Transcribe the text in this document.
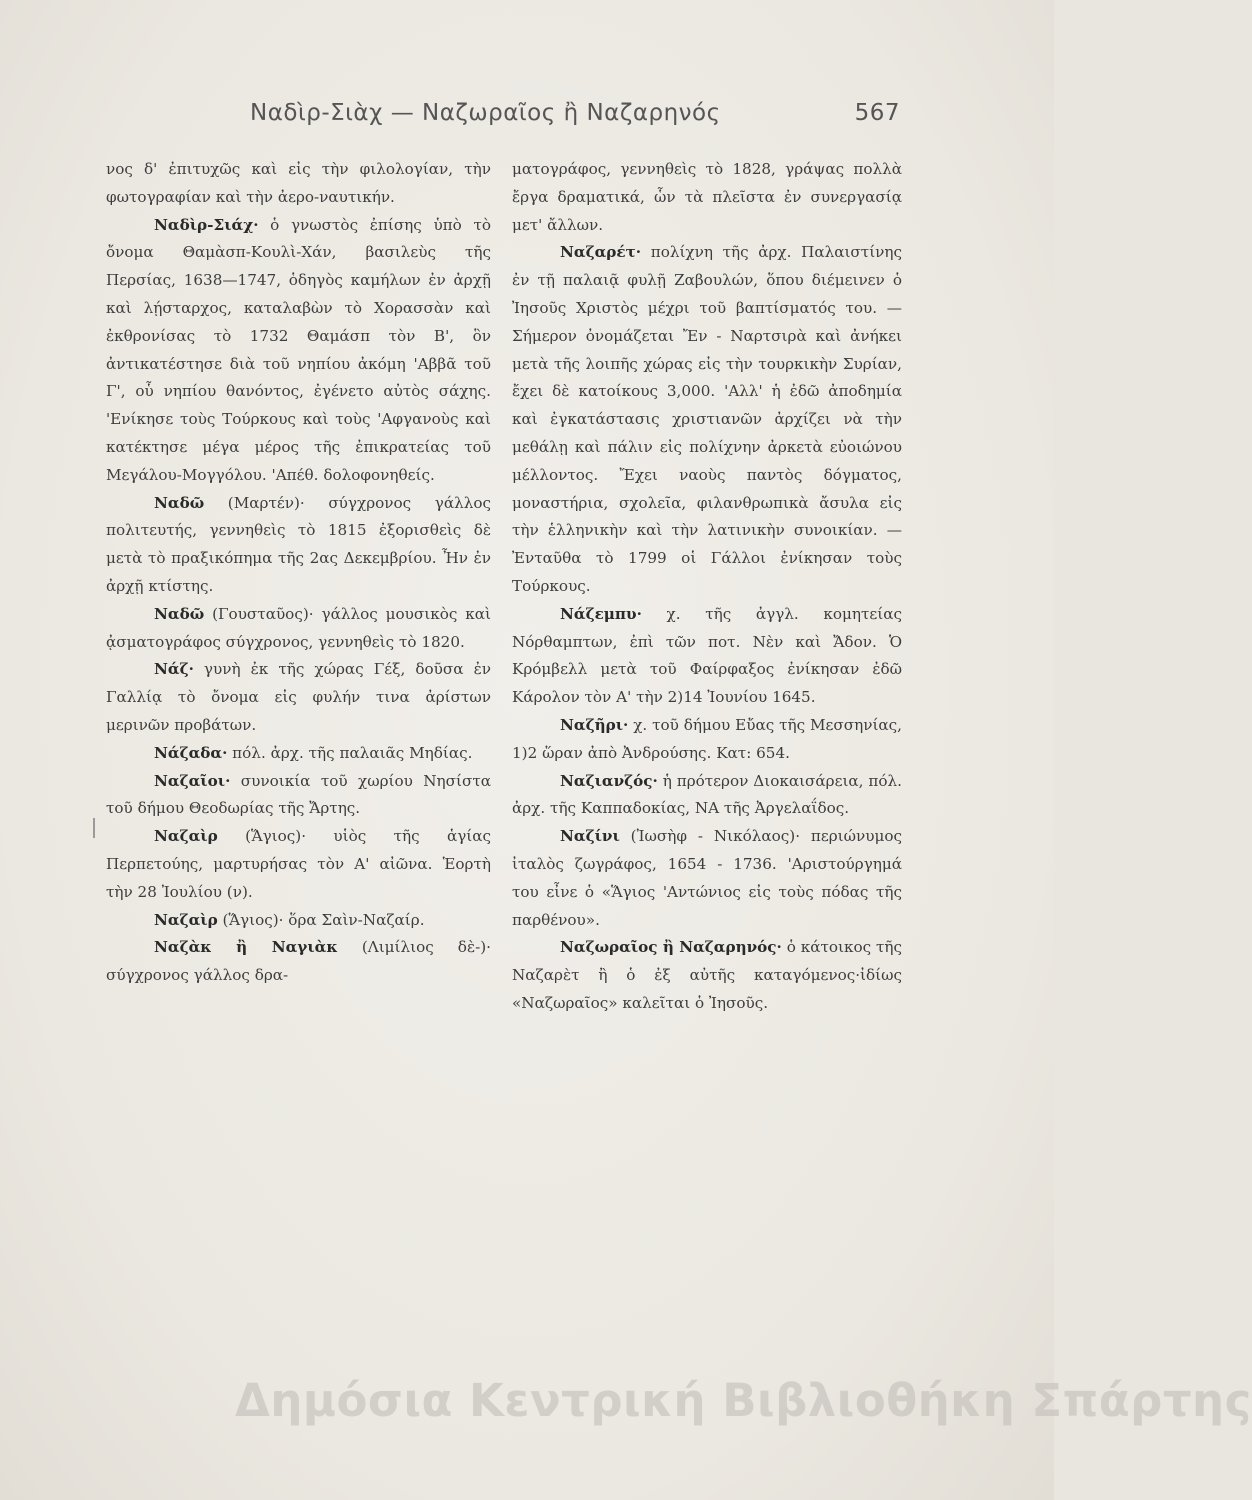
Ναδὶρ-Σιὰχ — Ναζωραῖος ἢ Ναζαρηνός	567

νος δ' ἐπιτυχῶς καὶ εἰς τὴν φιλολογίαν, τὴν φωτογραφίαν καὶ τὴν ἀερο-ναυτικήν.

Ναδὶρ-Σιάχ· ὁ γνωστὸς ἐπίσης ὑπὸ τὸ ὄνομα Θαμὰσπ-Κουλὶ-Χάν, βασιλεὺς τῆς Περσίας, 1638—1747, ὁδηγὸς καμήλων ἐν ἀρχῇ καὶ λῄσταρχος, καταλαβὼν τὸ Χορασσὰν καὶ ἐκθρονίσας τὸ 1732 Θαμάσπ τὸν Β', ὃν ἀντικατέστησε διὰ τοῦ νηπίου ἀκόμη 'Αββᾶ τοῦ Γ', οὗ νηπίου θανόντος, ἐγένετο αὐτὸς σάχης. 'Ενίκησε τοὺς Τούρκους καὶ τοὺς 'Αφγανοὺς καὶ κατέκτησε μέγα μέρος τῆς ἐπικρατείας τοῦ Μεγάλου-Μογγόλου. 'Απέθ. δολοφονηθείς.

Ναδῶ (Μαρτέν)· σύγχρονος γάλλος πολιτευτής, γεννηθεὶς τὸ 1815 ἐξορισθεὶς δὲ μετὰ τὸ πραξικόπημα τῆς 2ας Δεκεμβρίου. Ἦν ἐν ἀρχῇ κτίστης.

Ναδῶ (Γουσταῦος)· γάλλος μουσικὸς καὶ ᾀσματογράφος σύγχρονος, γεννηθεὶς τὸ 1820.

Νάζ· γυνὴ ἐκ τῆς χώρας Γέξ, δοῦσα ἐν Γαλλίᾳ τὸ ὄνομα εἰς φυλήν τινα ἀρίστων μερινῶν προβάτων.

Νάζαδα· πόλ. ἀρχ. τῆς παλαιᾶς Μηδίας.

Ναζαῖοι· συνοικία τοῦ χωρίου Νησίστα τοῦ δήμου Θεοδωρίας τῆς Ἄρτης.

Ναζαὶρ (Ἅγιος)· υἱὸς τῆς ἁγίας Περπετούης, μαρτυρήσας τὸν Α' αἰῶνα. Ἑορτὴ τὴν 28 Ἰουλίου (ν).

Ναζαὶρ (Ἅγιος)· ὅρα Σαὶν-Ναζαίρ.

Ναζὰκ ἢ Ναγιὰκ (Λιμίλιος δὲ-)· σύγχρονος γάλλος δρα-

ματογράφος, γεννηθεὶς τὸ 1828, γράψας πολλὰ ἔργα δραματικά, ὧν τὰ πλεῖστα ἐν συνεργασίᾳ μετ' ἄλλων.

Ναζαρέτ· πολίχνη τῆς ἀρχ. Παλαιστίνης ἐν τῇ παλαιᾷ φυλῇ Ζαβουλών, ὅπου διέμεινεν ὁ Ἰησοῦς Χριστὸς μέχρι τοῦ βαπτίσματός του. — Σήμερον ὀνομάζεται Ἔν - Ναρτσιρὰ καὶ ἀνήκει μετὰ τῆς λοιπῆς χώρας εἰς τὴν τουρκικὴν Συρίαν, ἔχει δὲ κατοίκους 3,000. 'Αλλ' ἡ ἐδῶ ἀποδημία καὶ ἐγκατάστασις χριστιανῶν ἀρχίζει νὰ τὴν μεθάλῃ καὶ πάλιν εἰς πολίχνην ἀρκετὰ εὐοιώνου μέλλοντος. Ἔχει ναοὺς παντὸς δόγματος, μοναστήρια, σχολεῖα, φιλανθρωπικὰ ἄσυλα εἰς τὴν ἑλληνικὴν καὶ τὴν λατινικὴν συνοικίαν. — Ἐνταῦθα τὸ 1799 οἱ Γάλλοι ἐνίκησαν τοὺς Τούρκους.

Νάζεμπυ· χ. τῆς ἀγγλ. κομητείας Νόρθαμπτων, ἐπὶ τῶν ποτ. Νὲν καὶ Ἄδον. Ὁ Κρόμβελλ μετὰ τοῦ Φαίρφαξος ἐνίκησαν ἐδῶ Κάρολον τὸν Α' τὴν 2)14 Ἰουνίου 1645.

Ναζῆρι· χ. τοῦ δήμου Εὔας τῆς Μεσσηνίας, 1)2 ὥραν ἀπὸ Ἀνδρούσης. Κατ: 654.

Ναζιανζός· ἡ πρότερον Διοκαισάρεια, πόλ. ἀρχ. τῆς Καππαδοκίας, ΝΑ τῆς Ἀργελαΐδος.

Ναζίνι (Ἰωσὴφ - Νικόλαος)· περιώνυμος ἰταλὸς ζωγράφος, 1654 - 1736. 'Αριστούργημά του εἶνε ὁ «Ἅγιος 'Αντώνιος εἰς τοὺς πόδας τῆς παρθένου».

Ναζωραῖος ἢ Ναζαρηνός· ὁ κάτοικος τῆς Ναζαρὲτ ἢ ὁ ἐξ αὐτῆς καταγόμενος·ἰδίως «Ναζωραῖος» καλεῖται ὁ Ἰησοῦς.

Δημόσια Κεντρική Βιβλιοθήκη Σπάρτης
